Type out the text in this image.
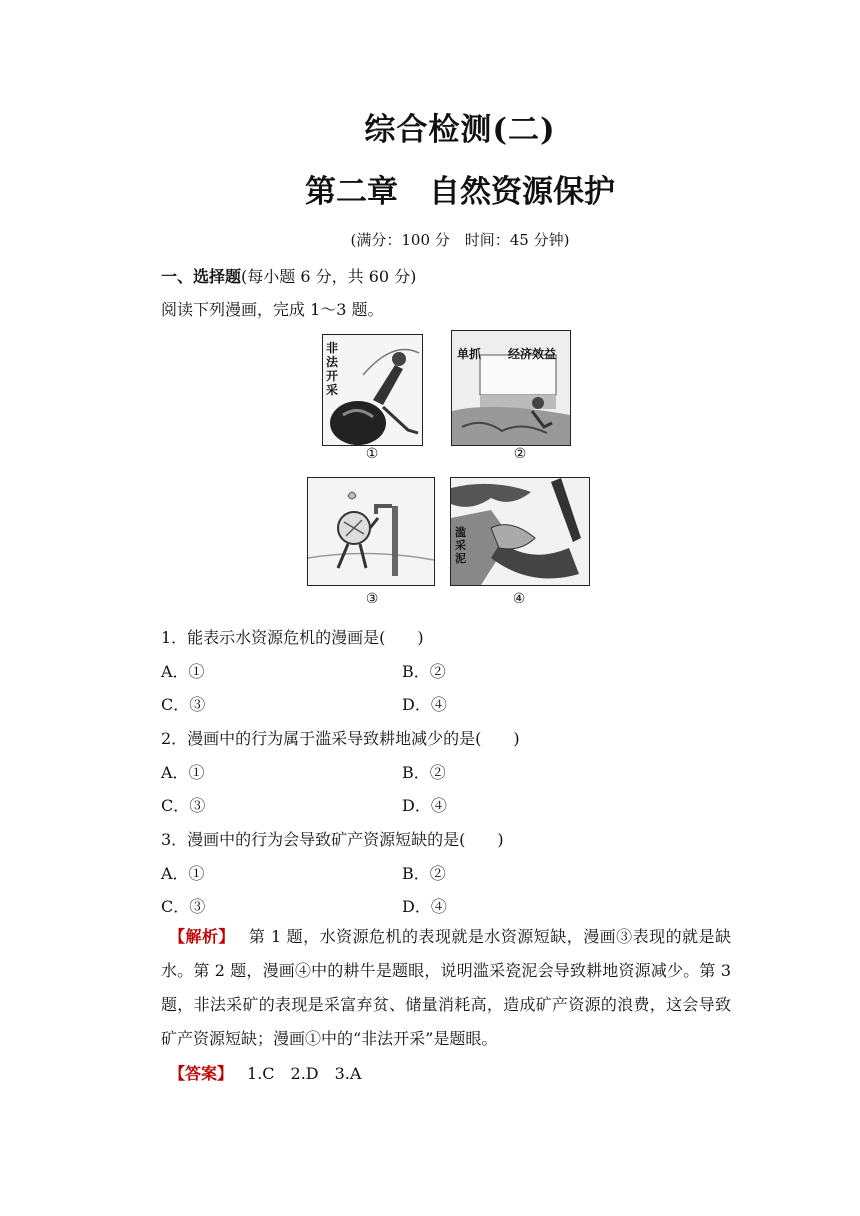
综合检测(二)
第二章　自然资源保护
(满分：100 分　时间：45 分钟)
一、选择题(每小题 6 分，共 60 分)
阅读下列漫画，完成 1～3 题。
非法开采
①
单抓 经济效益
②
③
滥采泥
④
1．能表示水资源危机的漫画是(　　)
A．①	B．②
C．③	D．④
2．漫画中的行为属于滥采导致耕地减少的是(　　)
A．①	B．②
C．③	D．④
3．漫画中的行为会导致矿产资源短缺的是(　　)
A．①	B．②
C．③	D．④
【解析】 第 1 题，水资源危机的表现就是水资源短缺，漫画③表现的就是缺水。第 2 题，漫画④中的耕牛是题眼，说明滥采瓷泥会导致耕地资源减少。第 3 题，非法采矿的表现是采富弃贫、储量消耗高，造成矿产资源的浪费，这会导致矿产资源短缺；漫画①中的“非法开采”是题眼。
【答案】 1.C　2.D　3.A
